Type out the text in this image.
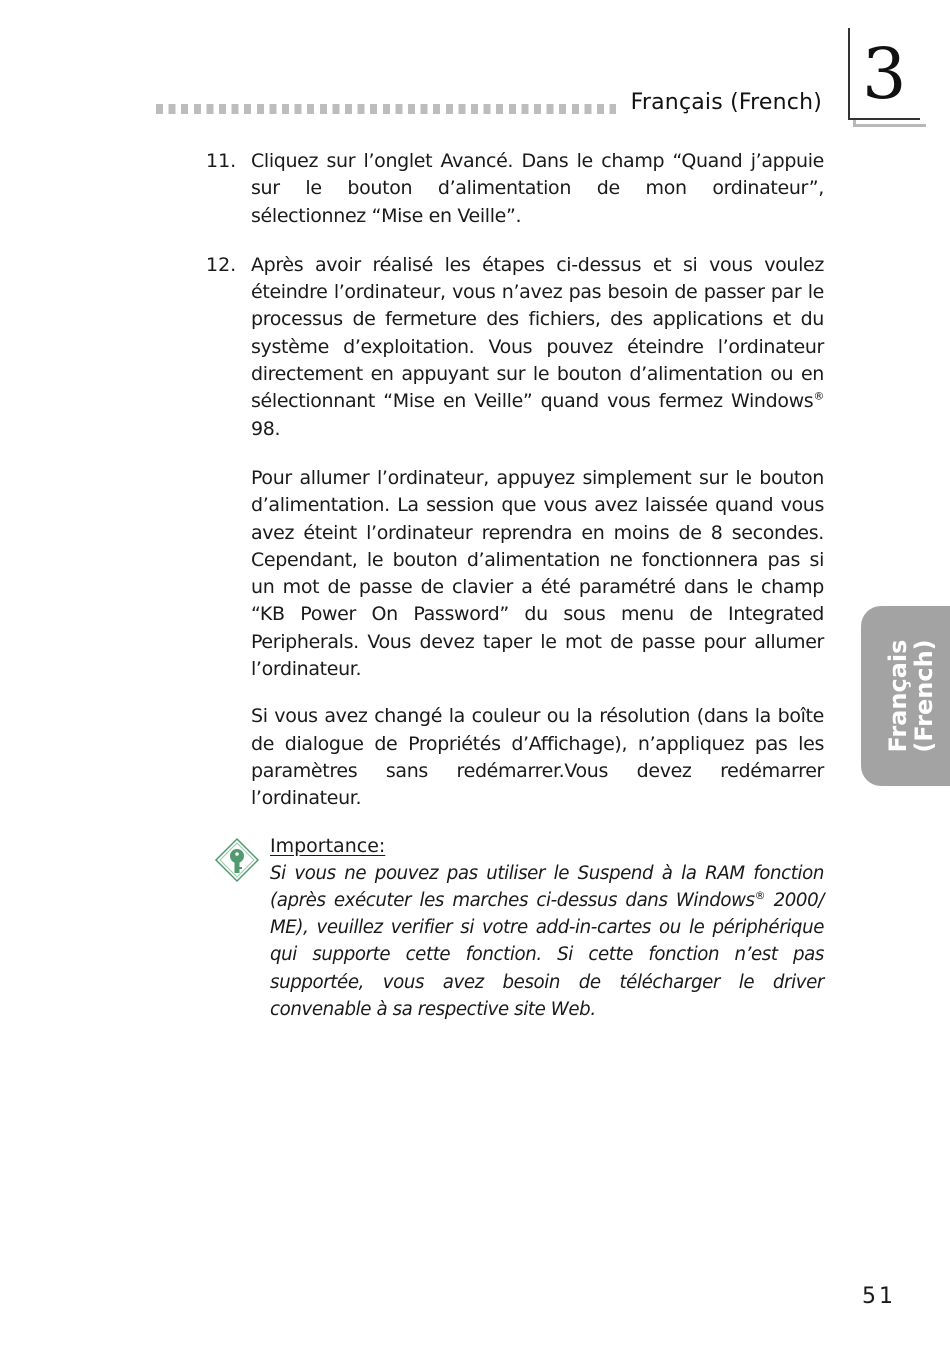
Français (French) 3
Français
(French)
11. Cliquez sur l’onglet Avancé. Dans le champ “Quand j’appuie sur le bouton d’alimentation de mon ordinateur”, sélectionnez “Mise en Veille”.
12. Après avoir réalisé les étapes ci-dessus et si vous voulez éteindre l’ordinateur, vous n’avez pas besoin de passer par le processus de fermeture des fichiers, des applications et du système d’exploitation. Vous pouvez éteindre l’ordinateur directement en appuyant sur le bouton d’alimentation ou en sélectionnant “Mise en Veille” quand vous fermez Windows® 98.
Pour allumer l’ordinateur, appuyez simplement sur le bouton d’alimentation. La session que vous avez laissée quand vous avez éteint l’ordinateur reprendra en moins de 8 secondes. Cependant, le bouton d’alimentation ne fonctionnera pas si un mot de passe de clavier a été paramétré dans le champ “KB Power On Password” du sous menu de Integrated Peripherals. Vous devez taper le mot de passe pour allumer l’ordinateur.
Si vous avez changé la couleur ou la résolution (dans la boîte de dialogue de Propriétés d’Affichage), n’appliquez pas les paramètres sans redémarrer.Vous devez redémarrer l’ordinateur.
Importance:
Si vous ne pouvez pas utiliser le Suspend à la RAM fonction (après exécuter les marches ci-dessus dans Windows® 2000/ ME), veuillez verifier si votre add-in-cartes ou le périphérique qui supporte cette fonction. Si cette fonction n’est pas supportée, vous avez besoin de télécharger le driver convenable à sa respective site Web.
51
